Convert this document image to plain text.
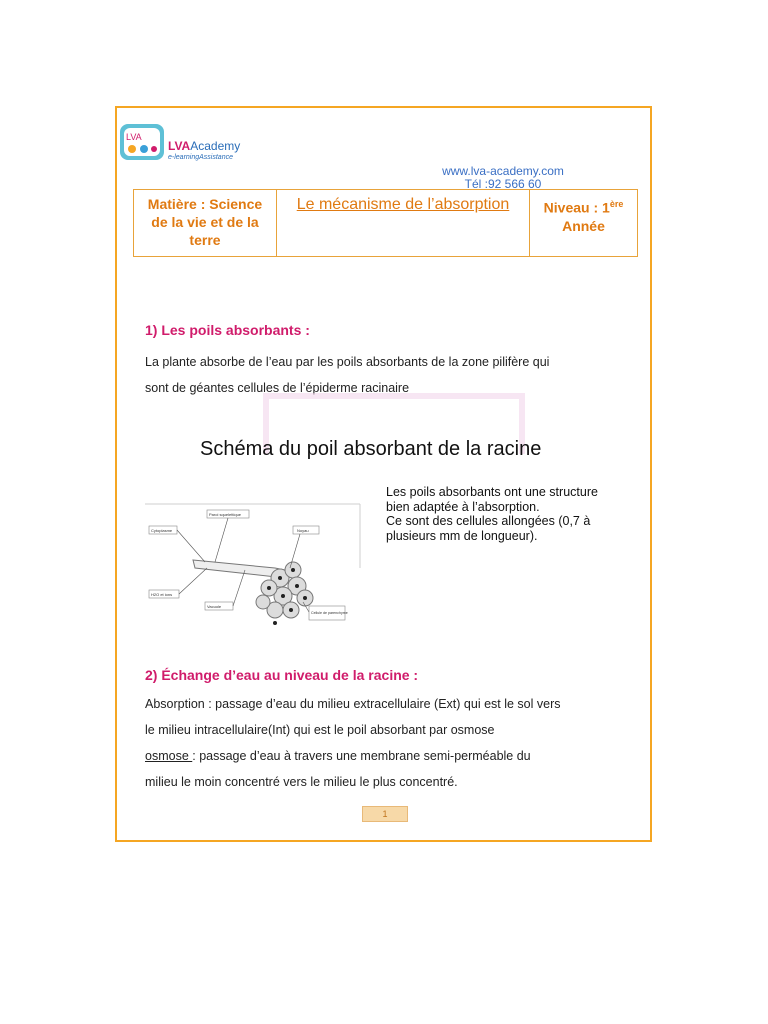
LVA
LVAAcademy
e-learningAssistance
www.lva-academy.com
Tél :92 566 60
Matière : Science de la vie et de la terre	Le mécanisme de l’absorption	Niveau : 1ère
Année
1) Les poils absorbants :
La plante absorbe de l’eau par les poils absorbants de la zone pilifère qui
sont de géantes cellules de l’épiderme racinaire
Schéma du poil absorbant de la racine
Paroi squelettique
Cytoplasme	Noyau
H2O et ions
Vacuole
Cellule de parenchyme
Les poils absorbants ont une structure bien adaptée à l’absorption.
Ce sont des cellules allongées (0,7 à plusieurs mm de longueur).
2) Échange d’eau au niveau de la racine :
Absorption : passage d’eau du milieu extracellulaire (Ext) qui est le sol vers
le milieu intracellulaire(Int) qui est le poil absorbant par osmose
osmose : passage d’eau à travers une membrane semi-perméable du
milieu le moin concentré vers le milieu le plus concentré.
1
